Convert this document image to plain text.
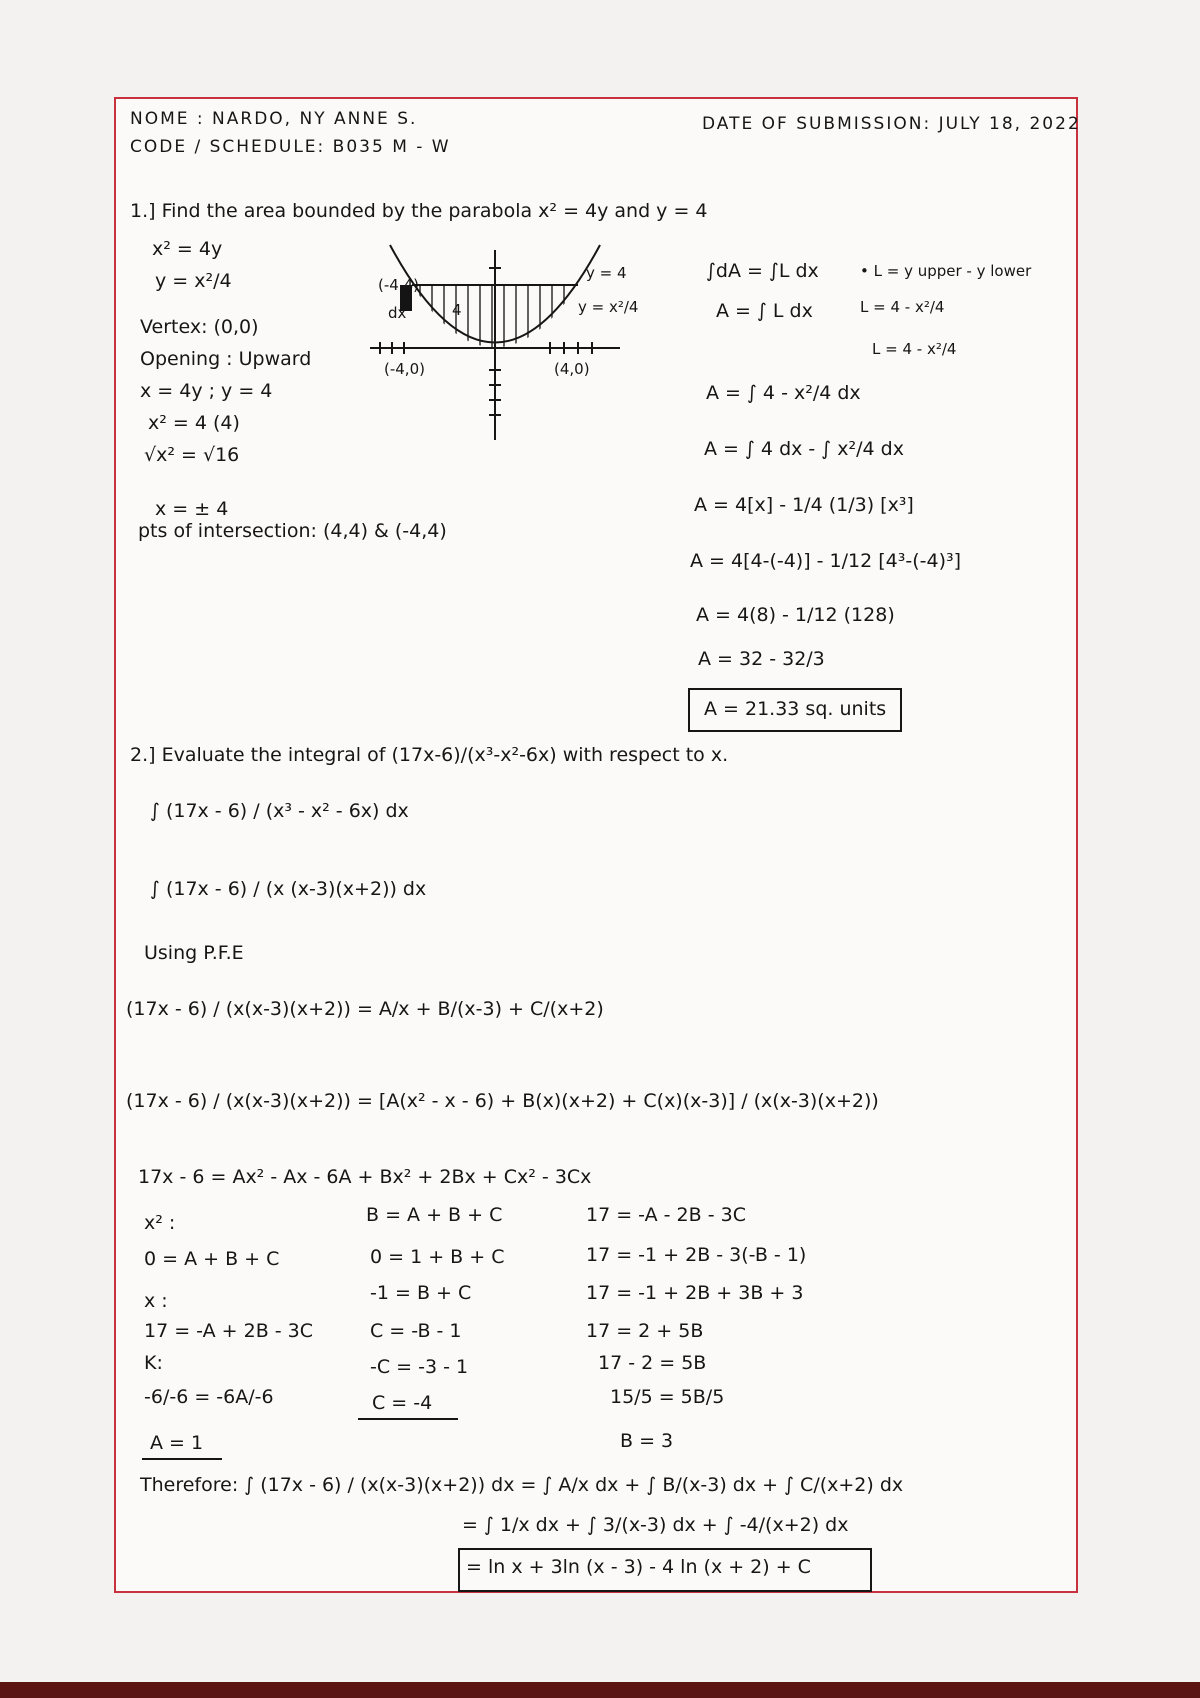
NOME : NARDO, NY ANNE S.
CODE / SCHEDULE: B035 M - W
DATE OF SUBMISSION: JULY 18, 2022
1.] Find the area bounded by the parabola x² = 4y and y = 4
x² = 4y
y = x²/4
Vertex: (0,0)
Opening : Upward
x = 4y ; y = 4
x² = 4 (4)
√x² = √16
x = ± 4
pts of intersection: (4,4) & (-4,4)
(-4,4)
dx	4
(-4,0)	(4,0)
y = 4
y = x²/4
• L = y upper - y lower
L = 4 - x²/4
L = 4 - x²/4
∫dA = ∫L dx
A = ∫ L dx
A = ∫ 4 - x²/4 dx
A = ∫ 4 dx - ∫ x²/4 dx
A = 4[x] - 1/4 (1/3) [x³]
A = 4[4-(-4)] - 1/12 [4³-(-4)³]
A = 4(8) - 1/12 (128)
A = 32 - 32/3
A = 21.33 sq. units
2.] Evaluate the integral of (17x-6)/(x³-x²-6x) with respect to x.
∫ (17x - 6) / (x³ - x² - 6x) dx
∫ (17x - 6) / (x (x-3)(x+2)) dx
Using P.F.E
(17x - 6) / (x(x-3)(x+2)) = A/x + B/(x-3) + C/(x+2)
(17x - 6) / (x(x-3)(x+2)) = [A(x² - x - 6) + B(x)(x+2) + C(x)(x-3)] / (x(x-3)(x+2))
17x - 6 = Ax² - Ax - 6A + Bx² + 2Bx + Cx² - 3Cx
x² :
0 = A + B + C
x :
17 = -A + 2B - 3C
K:
-6/-6 = -6A/-6
A = 1
B = A + B + C
0 = 1 + B + C
-1 = B + C
C = -B - 1
-C = -3 - 1
C = -4
17 = -A - 2B - 3C
17 = -1 + 2B - 3(-B - 1)
17 = -1 + 2B + 3B + 3
17 = 2 + 5B
17 - 2 = 5B
15/5 = 5B/5
B = 3
Therefore: ∫ (17x - 6) / (x(x-3)(x+2)) dx = ∫ A/x dx + ∫ B/(x-3) dx + ∫ C/(x+2) dx
= ∫ 1/x dx + ∫ 3/(x-3) dx + ∫ -4/(x+2) dx
= ln x + 3ln (x - 3) - 4 ln (x + 2) + C
